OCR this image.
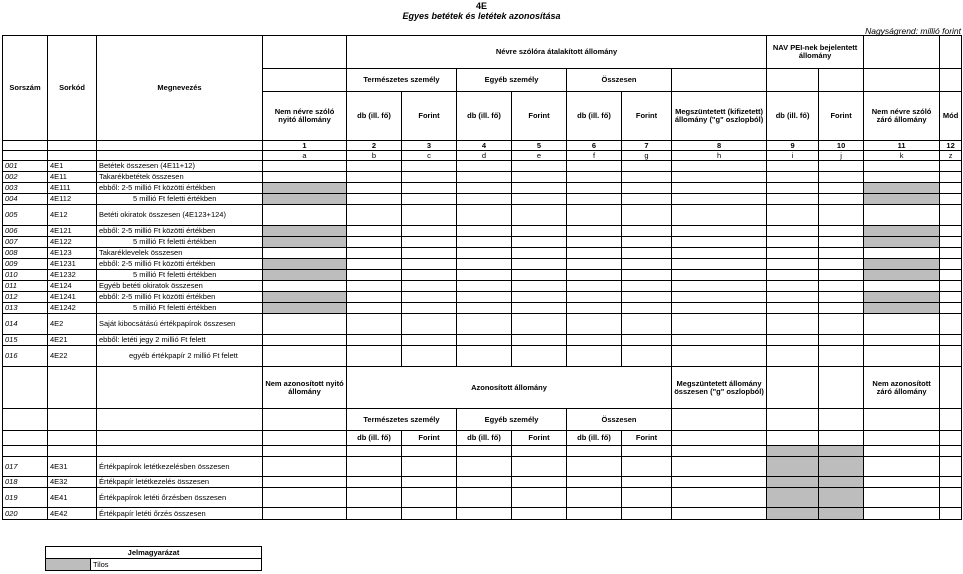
4E
Egyes betétek és letétek azonosítása
Nagyságrend: millió forint
Sorszám	Sorkód	Megnevezés		Névre szólóra átalakított állomány							NAV PEI-nek bejelentett állomány			
				Természetes személy		Egyéb személy		Összesen						
			Nem névre szóló nyitó állomány	db (ill. fő)	Forint	db (ill. fő)	Forint	db (ill. fő)	Forint	Megszüntetett (kifizetett) állomány ("g" oszlopból)	db (ill. fő)	Forint	Nem névre szóló záró állomány	Mód
			1	2	3	4	5	6	7	8	9	10	11	12
			a	b	c	d	e	f	g	h	i	j	k	z
001	4E1	Betétek összesen (4E11+12)												
002	4E11	Takarékbetétek összesen												
003	4E111	ebből: 2-5 millió Ft közötti értékben												
004	4E112	5 millió Ft feletti értékben												
005	4E12	Betéti okiratok összesen (4E123+124)												
006	4E121	ebből: 2-5 millió Ft közötti értékben												
007	4E122	5 millió Ft feletti értékben												
008	4E123	Takaréklevelek összesen												
009	4E1231	ebből: 2-5 millió Ft közötti értékben												
010	4E1232	5 millió Ft feletti értékben												
011	4E124	Egyéb betéti okiratok összesen												
012	4E1241	ebből: 2-5 millió Ft közötti értékben												
013	4E1242	5 millió Ft feletti értékben												
014	4E2	Saját kibocsátású értékpapírok összesen												
015	4E21	ebből: letéti jegy 2 millió Ft felett												
016	4E22	egyéb értékpapír 2 millió Ft felett												
			Nem azonosított nyitó állomány	Azonosított állomány						Megszüntetett állomány összesen ("g" oszlopból)			Nem azonosított záró állomány	
				Természetes személy		Egyéb személy		Összesen						
				db (ill. fő)	Forint	db (ill. fő)	Forint	db (ill. fő)	Forint					

017	4E31	Értékpapírok letétkezelésben összesen												
018	4E32	Értékpapír letétkezelés összesen												
019	4E41	Értékpapírok letéti őrzésben összesen												
020	4E42	Értékpapír letéti őrzés összesen												
Jelmagyarázat
	Tilos
